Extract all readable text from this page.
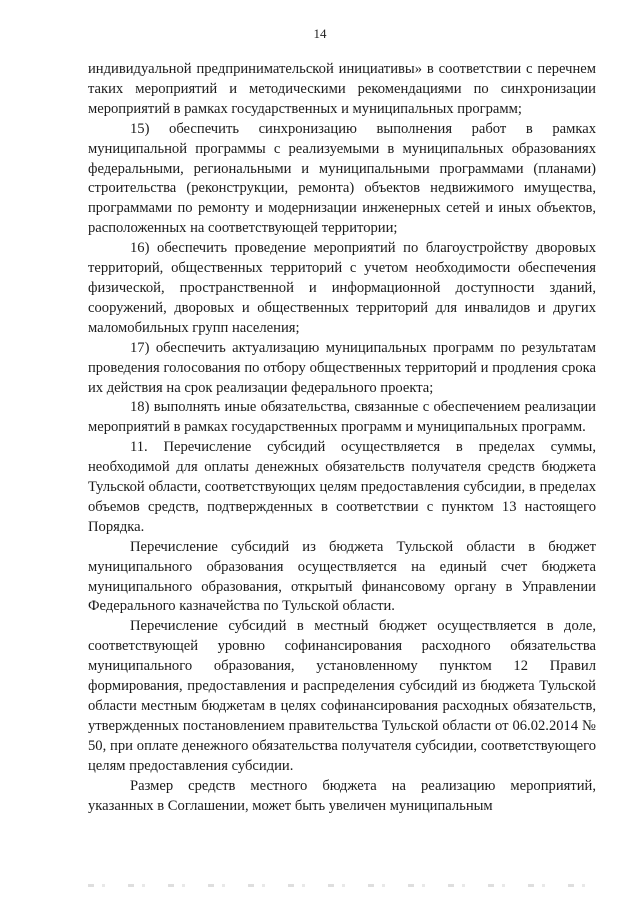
14

индивидуальной предпринимательской инициативы» в соответствии с перечнем таких мероприятий и методическими рекомендациями по синхронизации мероприятий в рамках государственных и муниципальных программ;

15) обеспечить синхронизацию выполнения работ в рамках муниципальной программы с реализуемыми в муниципальных образованиях федеральными, региональными и муниципальными программами (планами) строительства (реконструкции, ремонта) объектов недвижимого имущества, программами по ремонту и модернизации инженерных сетей и иных объектов, расположенных на соответствующей территории;

16) обеспечить проведение мероприятий по благоустройству дворовых территорий, общественных территорий с учетом необходимости обеспечения физической, пространственной и информационной доступности зданий, сооружений, дворовых и общественных территорий для инвалидов и других маломобильных групп населения;

17) обеспечить актуализацию муниципальных программ по результатам проведения голосования по отбору общественных территорий и продления срока их действия на срок реализации федерального проекта;

18) выполнять иные обязательства, связанные с обеспечением реализации мероприятий в рамках государственных программ и муниципальных программ.

11. Перечисление субсидий осуществляется в пределах суммы, необходимой для оплаты денежных обязательств получателя средств бюджета Тульской области, соответствующих целям предоставления субсидии, в пределах объемов средств, подтвержденных в соответствии с пунктом 13 настоящего Порядка.

Перечисление субсидий из бюджета Тульской области в бюджет муниципального образования осуществляется на единый счет бюджета муниципального образования, открытый финансовому органу в Управлении Федерального казначейства по Тульской области.

Перечисление субсидий в местный бюджет осуществляется в доле, соответствующей уровню софинансирования расходного обязательства муниципального образования, установленному пунктом 12 Правил формирования, предоставления и распределения субсидий из бюджета Тульской области местным бюджетам в целях софинансирования расходных обязательств, утвержденных постановлением правительства Тульской области от 06.02.2014 № 50, при оплате денежного обязательства получателя субсидии, соответствующего целям предоставления субсидии.

Размер средств местного бюджета на реализацию мероприятий, указанных в Соглашении, может быть увеличен муниципальным
